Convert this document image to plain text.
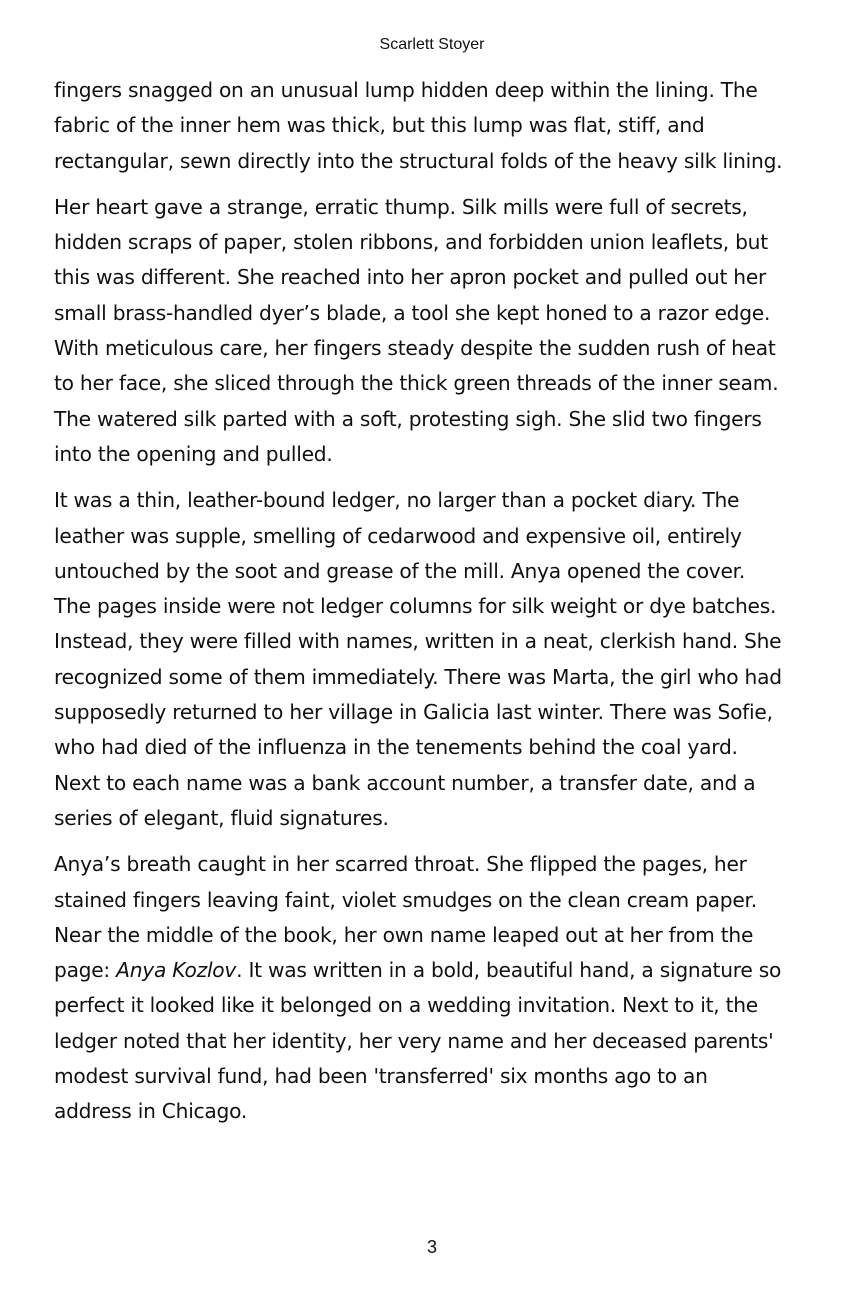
Scarlett Stoyer

fingers snagged on an unusual lump hidden deep within the lining. The fabric of the inner hem was thick, but this lump was flat, stiff, and rectangular, sewn directly into the structural folds of the heavy silk lining.

Her heart gave a strange, erratic thump. Silk mills were full of secrets, hidden scraps of paper, stolen ribbons, and forbidden union leaflets, but this was different. She reached into her apron pocket and pulled out her small brass-handled dyer’s blade, a tool she kept honed to a razor edge. With meticulous care, her fingers steady despite the sudden rush of heat to her face, she sliced through the thick green threads of the inner seam. The watered silk parted with a soft, protesting sigh. She slid two fingers into the opening and pulled.

It was a thin, leather-bound ledger, no larger than a pocket diary. The leather was supple, smelling of cedarwood and expensive oil, entirely untouched by the soot and grease of the mill. Anya opened the cover. The pages inside were not ledger columns for silk weight or dye batches. Instead, they were filled with names, written in a neat, clerkish hand. She recognized some of them immediately. There was Marta, the girl who had supposedly returned to her village in Galicia last winter. There was Sofie, who had died of the influenza in the tenements behind the coal yard. Next to each name was a bank account number, a transfer date, and a series of elegant, fluid signatures.

Anya’s breath caught in her scarred throat. She flipped the pages, her stained fingers leaving faint, violet smudges on the clean cream paper. Near the middle of the book, her own name leaped out at her from the page: Anya Kozlov. It was written in a bold, beautiful hand, a signature so perfect it looked like it belonged on a wedding invitation. Next to it, the ledger noted that her identity, her very name and her deceased parents' modest survival fund, had been 'transferred' six months ago to an address in Chicago.

3
